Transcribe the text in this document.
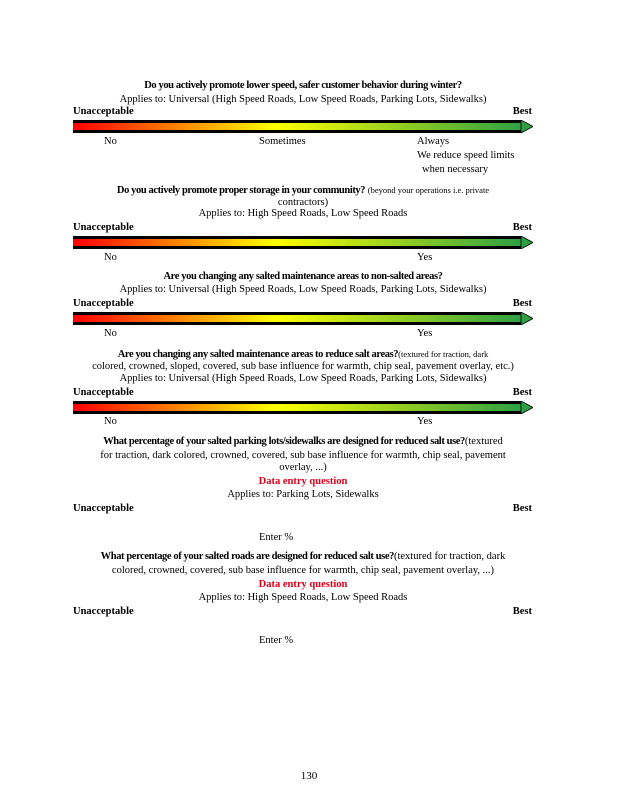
Do you actively promote lower speed, safer customer behavior during winter?
Applies to: Universal (High Speed Roads, Low Speed Roads, Parking Lots, Sidewalks)
Unacceptable	Best
No	Sometimes	Always
We reduce speed limits
when necessary
Do you actively promote proper storage in your community? (beyond your operations i.e. private
contractors)
Applies to: High Speed Roads, Low Speed Roads
Unacceptable	Best
No	Yes
Are you changing any salted maintenance areas to non-salted areas?
Applies to: Universal (High Speed Roads, Low Speed Roads, Parking Lots, Sidewalks)
Unacceptable	Best
No	Yes
Are you changing any salted maintenance areas to reduce salt areas?(textured for traction, dark
colored, crowned, sloped, covered, sub base influence for warmth, chip seal, pavement overlay, etc.)
Applies to: Universal (High Speed Roads, Low Speed Roads, Parking Lots, Sidewalks)
Unacceptable	Best
No	Yes
What percentage of your salted parking lots/sidewalks are designed for reduced salt use?(textured
for traction, dark colored, crowned, covered, sub base influence for warmth, chip seal, pavement
overlay, ...)
Data entry question
Applies to: Parking Lots, Sidewalks
Unacceptable	Best
Enter %
What percentage of your salted roads are designed for reduced salt use?(textured for traction, dark
colored, crowned, covered, sub base influence for warmth, chip seal, pavement overlay, ...)
Data entry question
Applies to: High Speed Roads, Low Speed Roads
Unacceptable	Best
Enter %
130
